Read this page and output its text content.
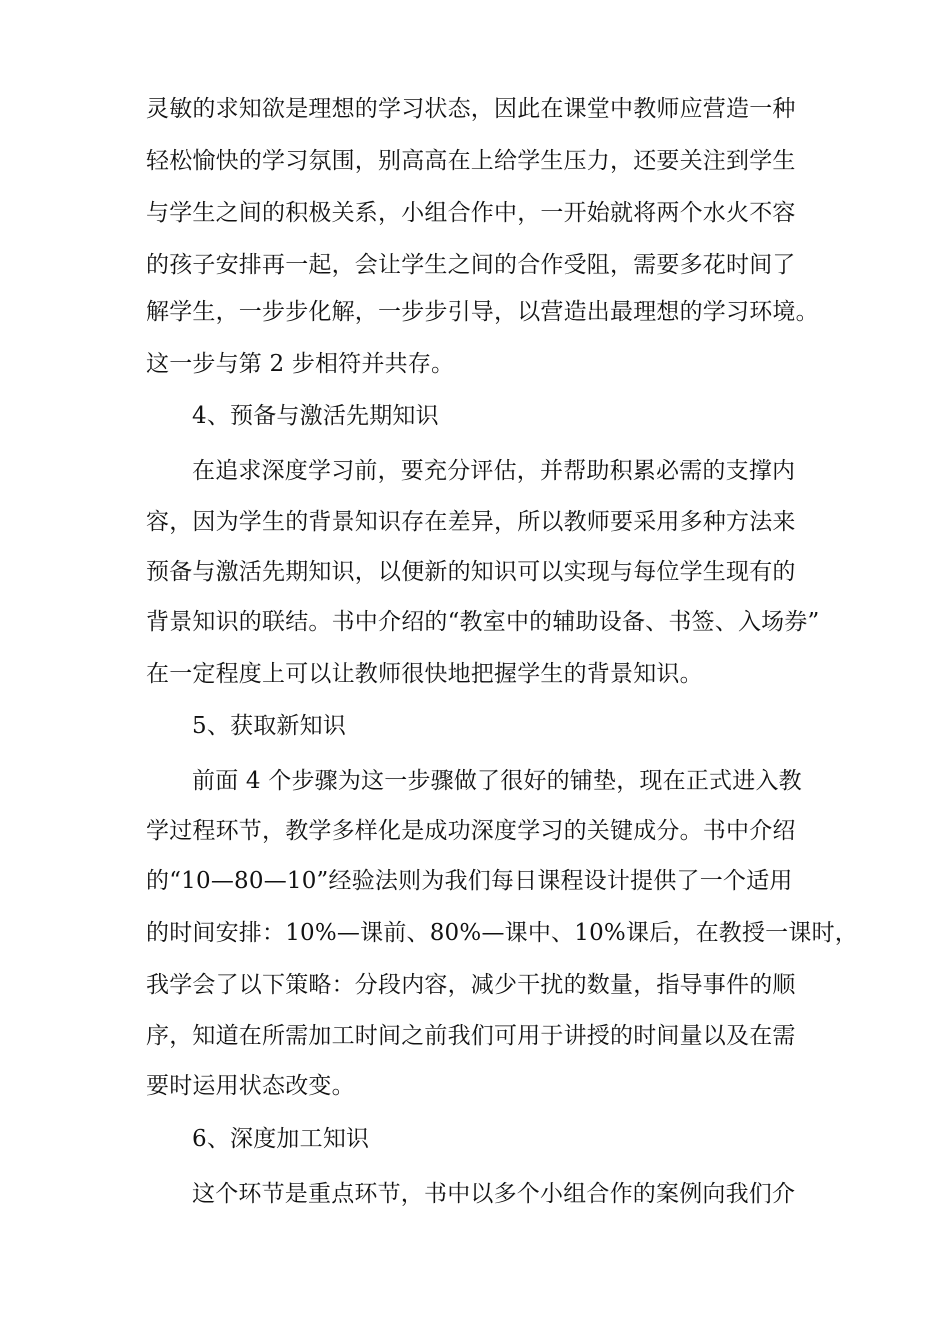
灵敏的求知欲是理想的学习状态，因此在课堂中教师应营造一种
轻松愉快的学习氛围，别高高在上给学生压力，还要关注到学生
与学生之间的积极关系，小组合作中，一开始就将两个水火不容
的孩子安排再一起，会让学生之间的合作受阻，需要多花时间了
解学生，一步步化解，一步步引导，以营造出最理想的学习环境。
这一步与第 2 步相符并共存。
4、预备与激活先期知识
在追求深度学习前，要充分评估，并帮助积累必需的支撑内
容，因为学生的背景知识存在差异，所以教师要采用多种方法来
预备与激活先期知识，以便新的知识可以实现与每位学生现有的
背景知识的联结。书中介绍的“教室中的辅助设备、书签、入场券”
在一定程度上可以让教师很快地把握学生的背景知识。
5、获取新知识
前面 4 个步骤为这一步骤做了很好的铺垫，现在正式进入教
学过程环节，教学多样化是成功深度学习的关键成分。书中介绍
的“10—80—10”经验法则为我们每日课程设计提供了一个适用
的时间安排：10%—课前、80%—课中、10%课后，在教授一课时，
我学会了以下策略：分段内容，减少干扰的数量，指导事件的顺
序，知道在所需加工时间之前我们可用于讲授的时间量以及在需
要时运用状态改变。
6、深度加工知识
这个环节是重点环节，书中以多个小组合作的案例向我们介
